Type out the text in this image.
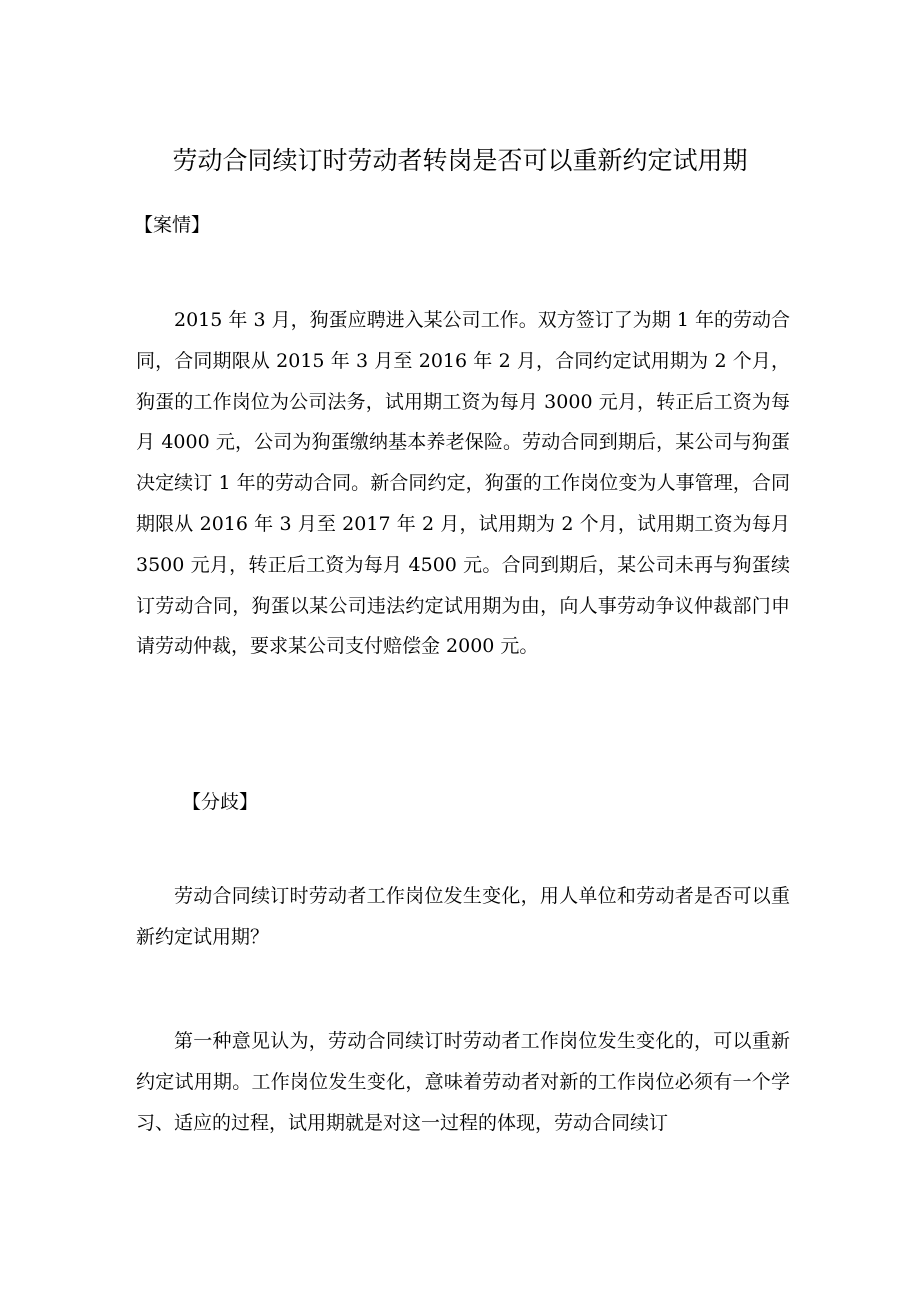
劳动合同续订时劳动者转岗是否可以重新约定试用期
【案情】

2015 年 3 月，狗蛋应聘进入某公司工作。双方签订了为期 1 年的劳动合同，合同期限从 2015 年 3 月至 2016 年 2 月，合同约定试用期为 2 个月，狗蛋的工作岗位为公司法务，试用期工资为每月 3000 元月，转正后工资为每月 4000 元，公司为狗蛋缴纳基本养老保险。劳动合同到期后，某公司与狗蛋决定续订 1 年的劳动合同。新合同约定，狗蛋的工作岗位变为人事管理，合同期限从 2016 年 3 月至 2017 年 2 月，试用期为 2 个月，试用期工资为每月 3500 元月，转正后工资为每月 4500 元。合同到期后，某公司未再与狗蛋续订劳动合同，狗蛋以某公司违法约定试用期为由，向人事劳动争议仲裁部门申请劳动仲裁，要求某公司支付赔偿金 2000 元。

【分歧】

劳动合同续订时劳动者工作岗位发生变化，用人单位和劳动者是否可以重新约定试用期？

第一种意见认为，劳动合同续订时劳动者工作岗位发生变化的，可以重新约定试用期。工作岗位发生变化，意味着劳动者对新的工作岗位必须有一个学习、适应的过程，试用期就是对这一过程的体现，劳动合同续订
